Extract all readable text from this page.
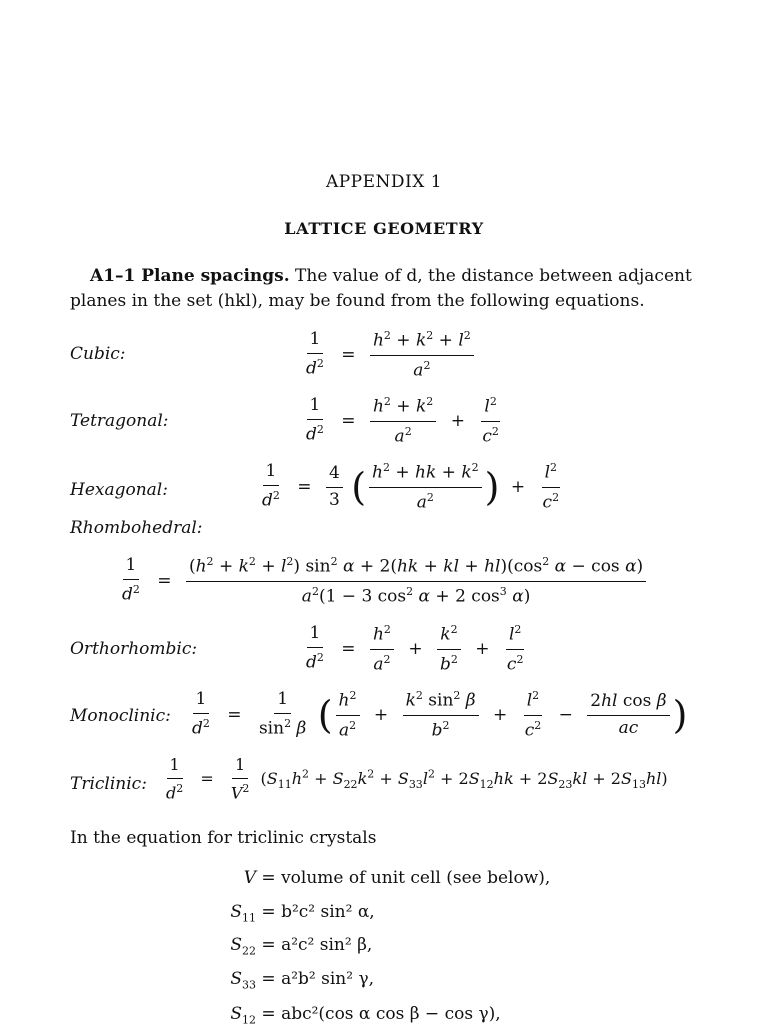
APPENDIX 1
LATTICE GEOMETRY
A1–1 Plane spacings. The value of d, the distance between adjacent
planes in the set (hkl), may be found from the following equations.
Cubic:	$\frac{1}{d^2} = \frac{h^2 + k^2 + l^2}{a^2}$
Tetragonal:	$\frac{1}{d^2} = \frac{h^2 + k^2}{a^2} + \frac{l^2}{c^2}$
Hexagonal:	$\frac{1}{d^2} = \frac{4}{3}$ ( $\frac{h^2 + hk + k^2}{a^2}$ ) + $\frac{l^2}{c^2}$
Rhombohedral:
$\frac{1}{d^2} = \frac{(h^2 + k^2 + l^2) \sin^2 \alpha + 2(hk + kl + hl)(\cos^2 \alpha - \cos \alpha)}{a^2(1 - 3 \cos^2 \alpha + 2 \cos^3 \alpha)}$
Orthorhombic:	$\frac{1}{d^2} = \frac{h^2}{a^2} + \frac{k^2}{b^2} + \frac{l^2}{c^2}$
Monoclinic: $\frac{1}{d^2} = \frac{1}{\sin^2 \beta}$ ( $\frac{h^2}{a^2} + \frac{k^2 \sin^2 \beta}{b^2} + \frac{l^2}{c^2} - \frac{\text{2hl cos β}}{ac}$ )
Triclinic: $\frac{1}{d^2} = \frac{1}{V^2} (S_{11}h^2 + S_{22}k^2 + S_{33}l^2 + 2S_{12}hk + 2S_{23}kl + 2S_{13}hl)$
In the equation for triclinic crystals
V = volume of unit cell (see below),
$S_{11} = b^2c^2$ sin² α,
$S_{22} = a^2c^2$ sin² β,
$S_{33} = a^2b^2$ sin² γ,
$S_{12} = abc^2(\cos$ α cos β − cos γ),
